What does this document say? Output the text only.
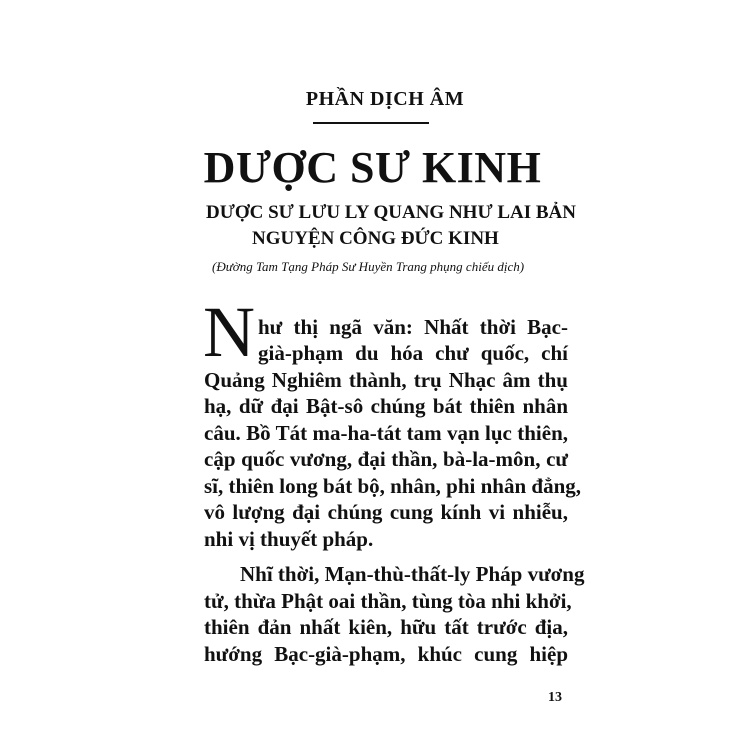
PHẦN DỊCH ÂM
DƯỢC SƯ KINH
DƯỢC SƯ LƯU LY QUANG NHƯ LAI BẢN
NGUYỆN CÔNG ĐỨC KINH
(Đường Tam Tạng Pháp Sư Huyền Trang phụng chiếu dịch)
N hư thị ngã văn: Nhất thời Bạc-
già-phạm du hóa chư quốc, chí
Quảng Nghiêm thành, trụ Nhạc âm thụ
hạ, dữ đại Bật-sô chúng bát thiên nhân
câu. Bồ Tát ma-ha-tát tam vạn lục thiên,
cập quốc vương, đại thần, bà-la-môn, cư
sĩ, thiên long bát bộ, nhân, phi nhân đẳng,
vô lượng đại chúng cung kính vi nhiễu,
nhi vị thuyết pháp.
Nhĩ thời, Mạn-thù-thất-ly Pháp vương
tử, thừa Phật oai thần, tùng tòa nhi khởi,
thiên đản nhất kiên, hữu tất trước địa,
hướng Bạc-già-phạm, khúc cung hiệp
13
